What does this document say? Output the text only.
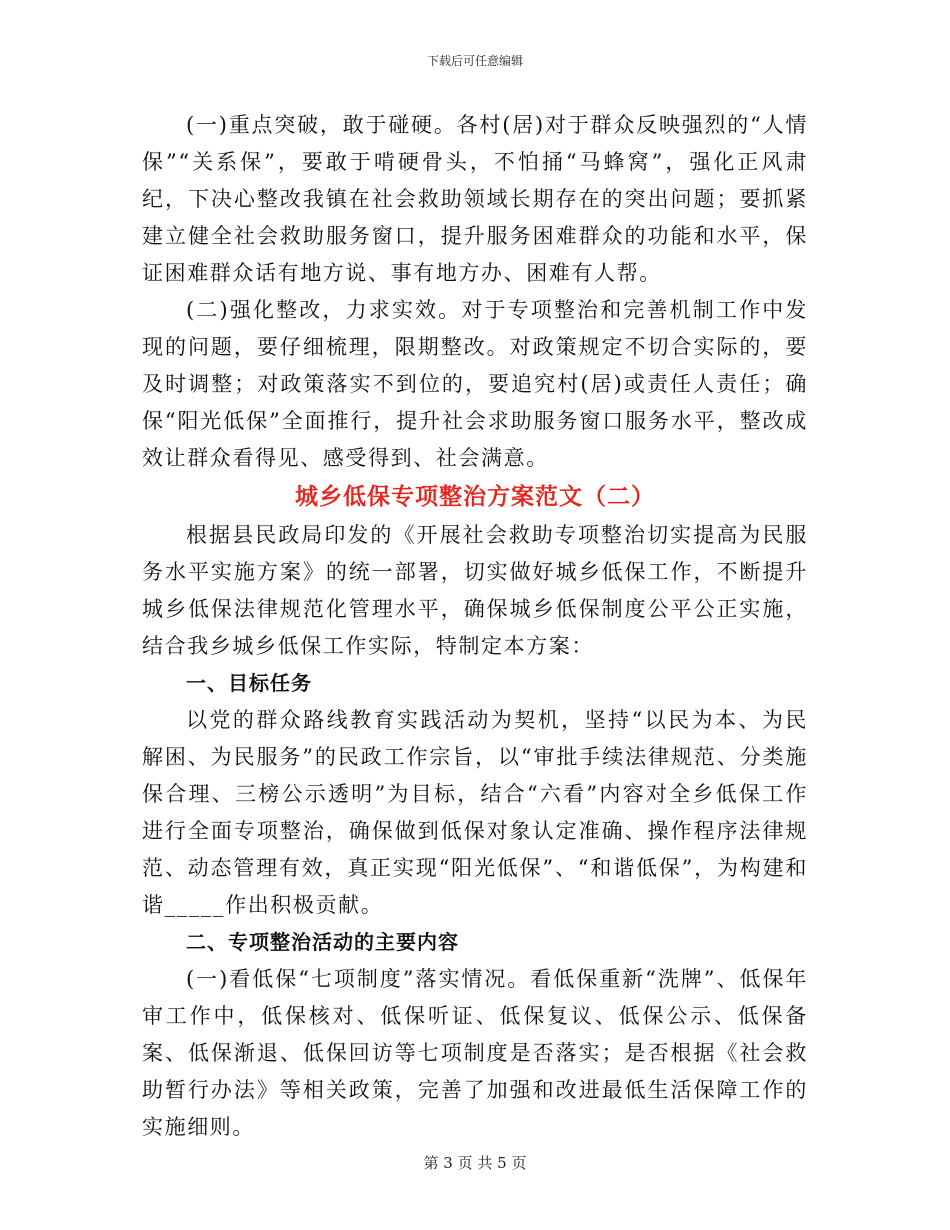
下载后可任意编辑

(一)重点突破，敢于碰硬。各村(居)对于群众反映强烈的“人情保”“关系保”，要敢于啃硬骨头，不怕捅“马蜂窝”，强化正风肃纪，下决心整改我镇在社会救助领域长期存在的突出问题；要抓紧建立健全社会救助服务窗口，提升服务困难群众的功能和水平，保证困难群众话有地方说、事有地方办、困难有人帮。

(二)强化整改，力求实效。对于专项整治和完善机制工作中发现的问题，要仔细梳理，限期整改。对政策规定不切合实际的，要及时调整；对政策落实不到位的，要追究村(居)或责任人责任；确保“阳光低保”全面推行，提升社会求助服务窗口服务水平，整改成效让群众看得见、感受得到、社会满意。

城乡低保专项整治方案范文（二）

根据县民政局印发的《开展社会救助专项整治切实提高为民服务水平实施方案》的统一部署，切实做好城乡低保工作，不断提升城乡低保法律规范化管理水平，确保城乡低保制度公平公正实施，结合我乡城乡低保工作实际，特制定本方案：

一、目标任务

以党的群众路线教育实践活动为契机，坚持“以民为本、为民解困、为民服务”的民政工作宗旨，以“审批手续法律规范、分类施保合理、三榜公示透明”为目标，结合“六看”内容对全乡低保工作进行全面专项整治，确保做到低保对象认定准确、操作程序法律规范、动态管理有效，真正实现“阳光低保”、“和谐低保”，为构建和谐_____作出积极贡献。

二、专项整治活动的主要内容

(一)看低保“七项制度”落实情况。看低保重新“洗牌”、低保年审工作中，低保核对、低保听证、低保复议、低保公示、低保备案、低保渐退、低保回访等七项制度是否落实；是否根据《社会救助暂行办法》等相关政策，完善了加强和改进最低生活保障工作的实施细则。

第 3 页 共 5 页
